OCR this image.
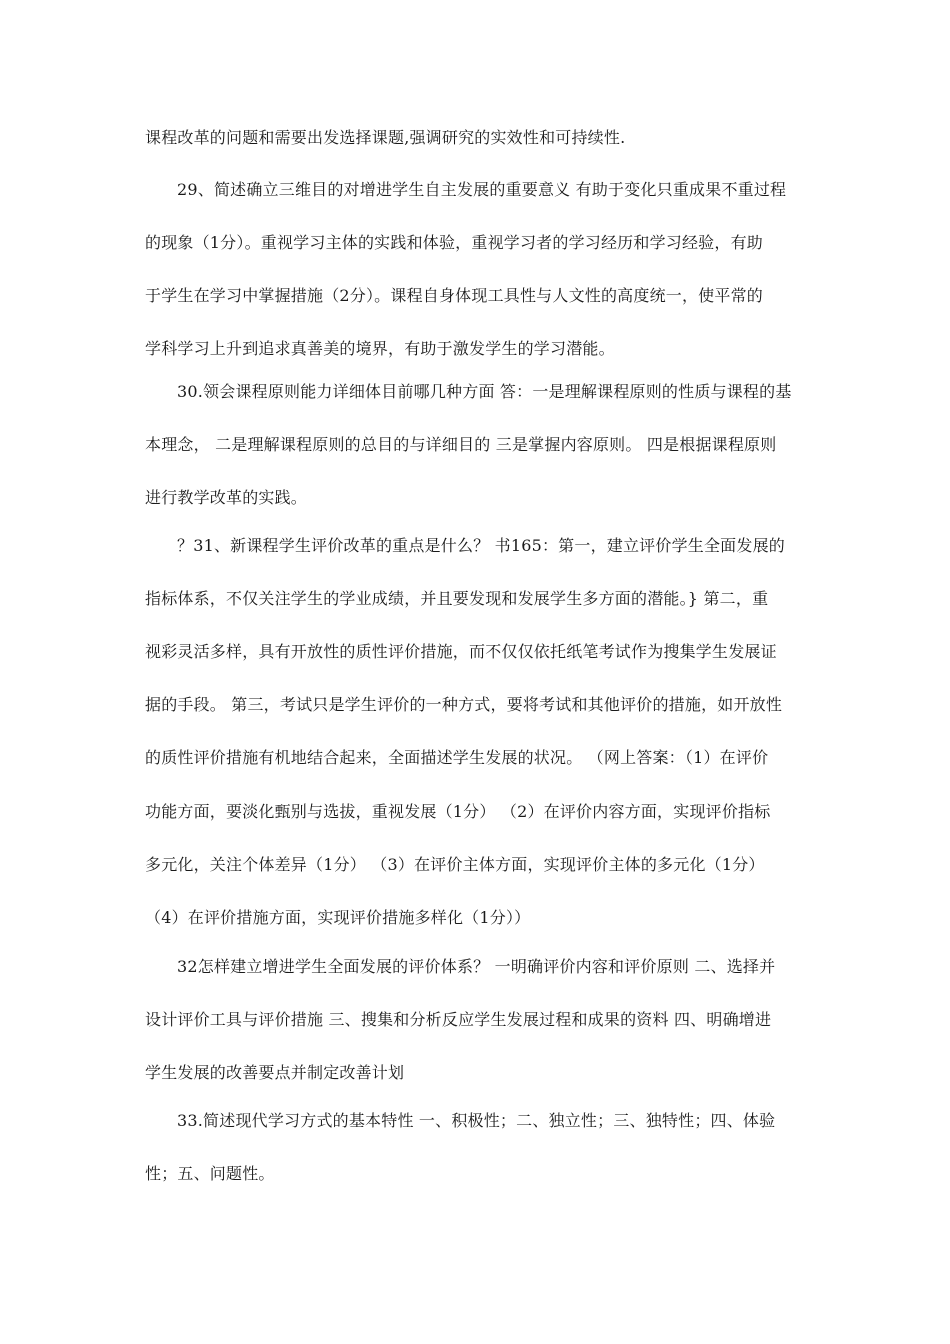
课程改革的问题和需要出发选择课题,强调研究的实效性和可持续性.

29、简述确立三维目的对增进学生自主发展的重要意义 有助于变化只重成果不重过程

的现象（1分）。重视学习主体的实践和体验，重视学习者的学习经历和学习经验，有助

于学生在学习中掌握措施（2分）。课程自身体现工具性与人文性的高度统一，使平常的

学科学习上升到追求真善美的境界，有助于激发学生的学习潜能。

30.领会课程原则能力详细体目前哪几种方面 答：一是理解课程原则的性质与课程的基

本理念， 二是理解课程原则的总目的与详细目的 三是掌握内容原则。 四是根据课程原则

进行教学改革的实践。

？31、新课程学生评价改革的重点是什么？ 书165：第一，建立评价学生全面发展的

指标体系，不仅关注学生的学业成绩，并且要发现和发展学生多方面的潜能。} 第二，重

视彩灵活多样，具有开放性的质性评价措施，而不仅仅依托纸笔考试作为搜集学生发展证

据的手段。 第三，考试只是学生评价的一种方式，要将考试和其他评价的措施，如开放性

的质性评价措施有机地结合起来，全面描述学生发展的状况。 （网上答案：（1）在评价

功能方面，要淡化甄别与选拔，重视发展（1分） （2）在评价内容方面，实现评价指标

多元化，关注个体差异（1分） （3）在评价主体方面，实现评价主体的多元化（1分）

（4）在评价措施方面，实现评价措施多样化（1分））

32怎样建立增进学生全面发展的评价体系？ 一明确评价内容和评价原则 二、选择并

设计评价工具与评价措施 三、搜集和分析反应学生发展过程和成果的资料 四、明确增进

学生发展的改善要点并制定改善计划

33.简述现代学习方式的基本特性 一、积极性；二、独立性；三、独特性；四、体验

性；五、问题性。
